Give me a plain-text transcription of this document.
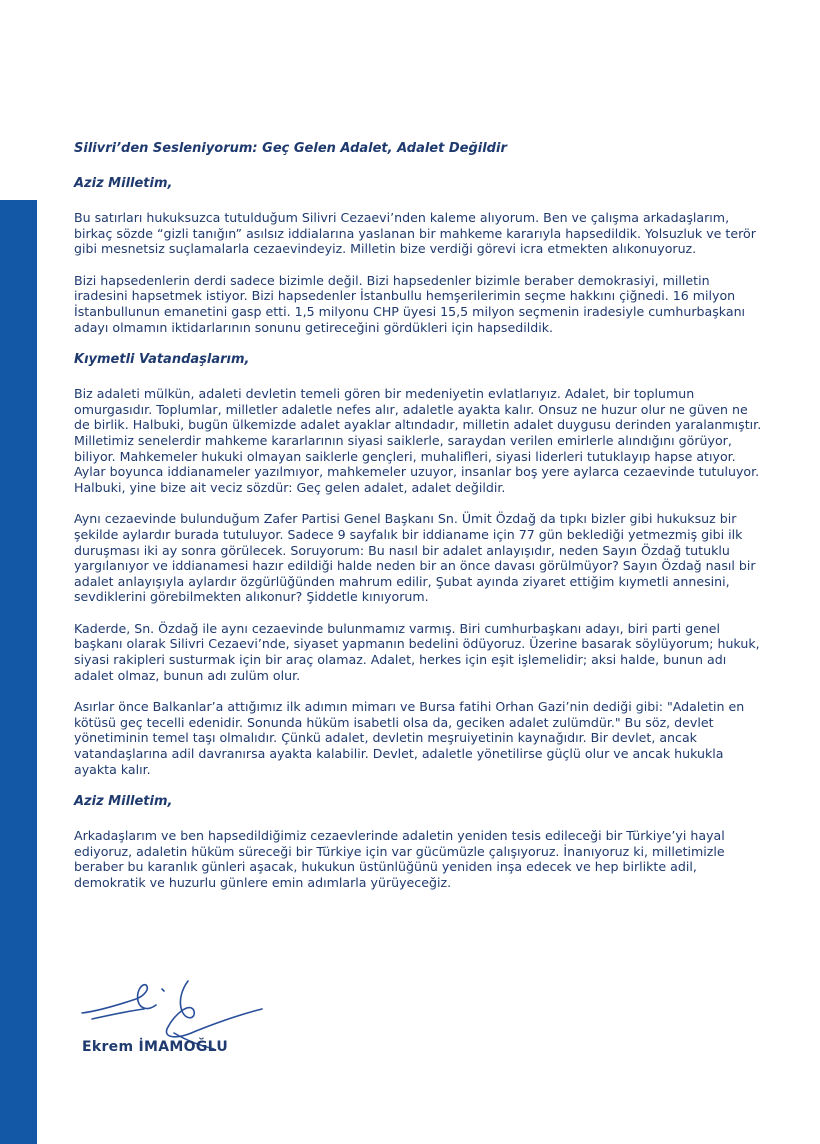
Silivri’den Sesleniyorum: Geç Gelen Adalet, Adalet Değildir
Aziz Milletim,

Bu satırları hukuksuzca tutulduğum Silivri Cezaevi’nden kaleme alıyorum. Ben ve çalışma arkadaşlarım, birkaç sözde “gizli tanığın” asılsız iddialarına yaslanan bir mahkeme kararıyla hapsedildik. Yolsuzluk ve terör gibi mesnetsiz suçlamalarla cezaevindeyiz. Milletin bize verdiği görevi icra etmekten alıkonuyoruz.

Bizi hapsedenlerin derdi sadece bizimle değil. Bizi hapsedenler bizimle beraber demokrasiyi, milletin iradesini hapsetmek istiyor. Bizi hapsedenler İstanbullu hemşerilerimin seçme hakkını çiğnedi. 16 milyon İstanbullunun emanetini gasp etti. 1,5 milyonu CHP üyesi 15,5 milyon seçmenin iradesiyle cumhurbaşkanı adayı olmamın iktidarlarının sonunu getireceğini gördükleri için hapsedildik.

Kıymetli Vatandaşlarım,

Biz adaleti mülkün, adaleti devletin temeli gören bir medeniyetin evlatlarıyız. Adalet, bir toplumun omurgasıdır. Toplumlar, milletler adaletle nefes alır, adaletle ayakta kalır. Onsuz ne huzur olur ne güven ne de birlik. Halbuki, bugün ülkemizde adalet ayaklar altındadır, milletin adalet duygusu derinden yaralanmıştır. Milletimiz senelerdir mahkeme kararlarının siyasi saiklerle, saraydan verilen emirlerle alındığını görüyor, biliyor. Mahkemeler hukuki olmayan saiklerle gençleri, muhalifleri, siyasi liderleri tutuklayıp hapse atıyor. Aylar boyunca iddianameler yazılmıyor, mahkemeler uzuyor, insanlar boş yere aylarca cezaevinde tutuluyor. Halbuki, yine bize ait veciz sözdür: Geç gelen adalet, adalet değildir.

Aynı cezaevinde bulunduğum Zafer Partisi Genel Başkanı Sn. Ümit Özdağ da tıpkı bizler gibi hukuksuz bir şekilde aylardır burada tutuluyor. Sadece 9 sayfalık bir iddianame için 77 gün beklediği yetmezmiş gibi ilk duruşması iki ay sonra görülecek. Soruyorum: Bu nasıl bir adalet anlayışıdır, neden Sayın Özdağ tutuklu yargılanıyor ve iddianamesi hazır edildiği halde neden bir an önce davası görülmüyor? Sayın Özdağ nasıl bir adalet anlayışıyla aylardır özgürlüğünden mahrum edilir, Şubat ayında ziyaret ettiğim kıymetli annesini, sevdiklerini görebilmekten alıkonur? Şiddetle kınıyorum.

Kaderde, Sn. Özdağ ile aynı cezaevinde bulunmamız varmış. Biri cumhurbaşkanı adayı, biri parti genel başkanı olarak Silivri Cezaevi’nde, siyaset yapmanın bedelini ödüyoruz. Üzerine basarak söylüyorum; hukuk, siyasi rakipleri susturmak için bir araç olamaz. Adalet, herkes için eşit işlemelidir; aksi halde, bunun adı adalet olmaz, bunun adı zulüm olur.

Asırlar önce Balkanlar’a attığımız ilk adımın mimarı ve Bursa fatihi Orhan Gazi’nin dediği gibi: "Adaletin en kötüsü geç tecelli edenidir. Sonunda hüküm isabetli olsa da, geciken adalet zulümdür." Bu söz, devlet yönetiminin temel taşı olmalıdır. Çünkü adalet, devletin meşruiyetinin kaynağıdır. Bir devlet, ancak vatandaşlarına adil davranırsa ayakta kalabilir. Devlet, adaletle yönetilirse güçlü olur ve ancak hukukla ayakta kalır.

Aziz Milletim,

Arkadaşlarım ve ben hapsedildiğimiz cezaevlerinde adaletin yeniden tesis edileceği bir Türkiye’yi hayal ediyoruz, adaletin hüküm süreceği bir Türkiye için var gücümüzle çalışıyoruz. İnanıyoruz ki, milletimizle beraber bu karanlık günleri aşacak, hukukun üstünlüğünü yeniden inşa edecek ve hep birlikte adil, demokratik ve huzurlu günlere emin adımlarla yürüyeceğiz.

Ekrem İMAMOĞLU
